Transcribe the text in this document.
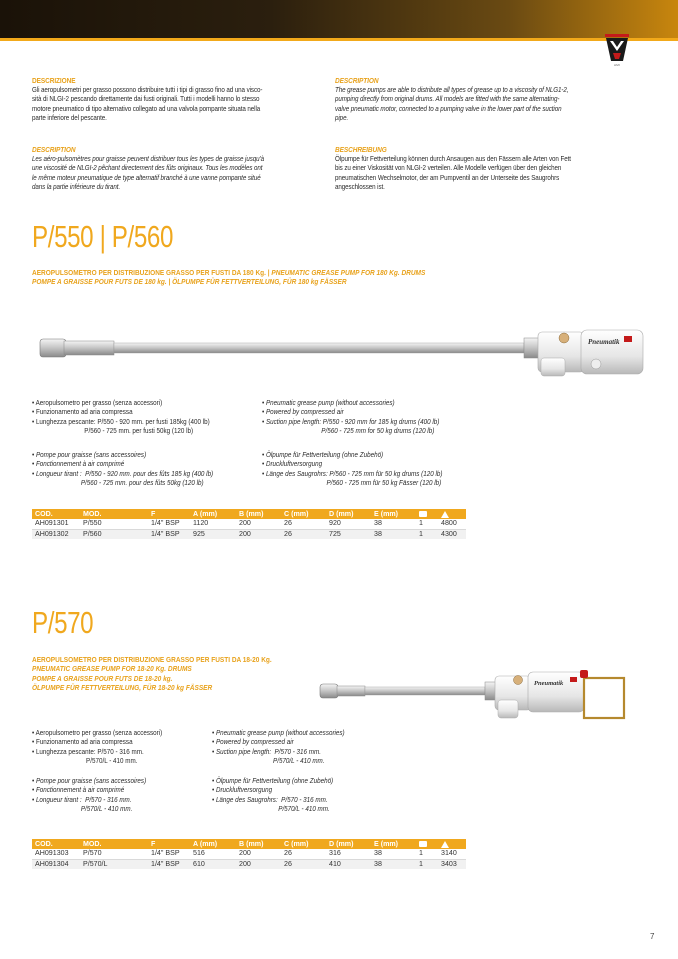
AMI
DESCRIZIONE
Gli aeropulsometri per grasso possono distribuire tutti i tipi di grasso fino ad una visco-
sità di NLGI-2 pescando direttamente dai fusti originali. Tutti i modelli hanno lo stesso
motore pneumatico di tipo alternativo collegato ad una valvola pompante situata nella
parte inferiore del pescante.
DESCRIPTION
Les aéro-pulsomètres pour graisse peuvent distribuer tous les types de graisse jusqu'à
une viscosité de NLGI-2 pêchant directement des fûts originaux. Tous les modèles ont
le même moteur pneumatique de type alternatif branché à une vanne pompante situé
dans la partie inférieure du tirant.
DESCRIPTION
The grease pumps are able to distribute all types of grease up to a viscosity of NLG1-2,
pumping directly from original drums. All models are fitted with the same alternating-
valve pneumatic motor, connected to a pumping valve in the lower part of the suction
pipe.
BESCHREIBUNG
Ölpumpe für Fettverteilung können durch Ansaugen aus den Fässern alle Arten von Fett
bis zu einer Viskosität von NLGI-2 verteilen. Alle Modelle verfügen über den gleichen
pneumatischen Wechselmotor, der am Pumpventil an der Unterseite des Saugrohrs
angeschlossen ist.
P/550 | P/560
AEROPULSOMETRO PER DISTRIBUZIONE GRASSO PER FUSTI DA 180 Kg. | PNEUMATIC GREASE PUMP FOR 180 Kg. DRUMS
POMPE A GRAISSE POUR FUTS DE 180 kg. | ÖLPUMPE FÜR FETTVERTEILUNG, FÜR 180 kg FÄSSER
Pneumatik
• Aeropulsometro per grasso (senza accessori)
• Funzionamento ad aria compressa
• Lunghezza pescante: P/550 - 920 mm. per fusti 185kg (400 lb)
P/560 - 725 mm. per fusti 50kg (120 lb)
• Pompe pour graisse (sans accessoires)
• Fonctionnement à air comprimé
• Longueur tirant :  P/550 - 920 mm. pour des fûts 185 kg (400 lb)
P/560 - 725 mm. pour des fûts 50kg (120 lb)
• Pneumatic grease pump (without accessories)
• Powered by compressed air
• Suction pipe length: P/550 - 920 mm for 185 kg drums (400 lb)
P/560 - 725 mm for 50 kg drums (120 lb)
• Ölpumpe für Fettverteilung (ohne Zubehö)
• Druckluftversorgung
• Länge des Saugrohrs: P/560 - 725 mm für 50 kg drums (120 lb)
P/560 - 725 mm für 50 kg Fässer (120 lb)
COD.	MOD.	F	A (mm)	B (mm)	C (mm)	D (mm)	E (mm)		
AH091301	P/550	1/4" BSP	1120	200	26	920	38	1	4800
AH091302	P/560	1/4" BSP	925	200	26	725	38	1	4300
P/570
AEROPULSOMETRO PER DISTRIBUZIONE GRASSO PER FUSTI DA 18-20 Kg.
PNEUMATIC GREASE PUMP FOR 18-20 Kg. DRUMS
POMPE A GRAISSE POUR FUTS DE 18-20 kg.
ÖLPUMPE FÜR FETTVERTEILUNG, FÜR 18-20 kg FÄSSER	Pneumatik
• Aeropulsometro per grasso (senza accessori)
• Funzionamento ad aria compressa
• Lunghezza pescante: P/570 - 316 mm.
P/570/L - 410 mm.
• Pompe pour graisse (sans accessoires)
• Fonctionnement à air comprimé
• Longueur tirant :  P/570 - 316 mm.
P/570/L - 410 mm.
• Pneumatic grease pump (without accessories)
• Powered by compressed air
• Suction pipe length:  P/570 - 316 mm.
P/570/L - 410 mm.
• Ölpumpe für Fettverteilung (ohne Zubehö)
• Druckluftversorgung
• Länge des Saugrohrs:  P/570 - 316 mm.
P/570/L - 410 mm.
COD.	MOD.	F	A (mm)	B (mm)	C (mm)	D (mm)	E (mm)		
AH091303	P/570	1/4" BSP	516	200	26	316	38	1	3140
AH091304	P/570/L	1/4" BSP	610	200	26	410	38	1	3403
7
